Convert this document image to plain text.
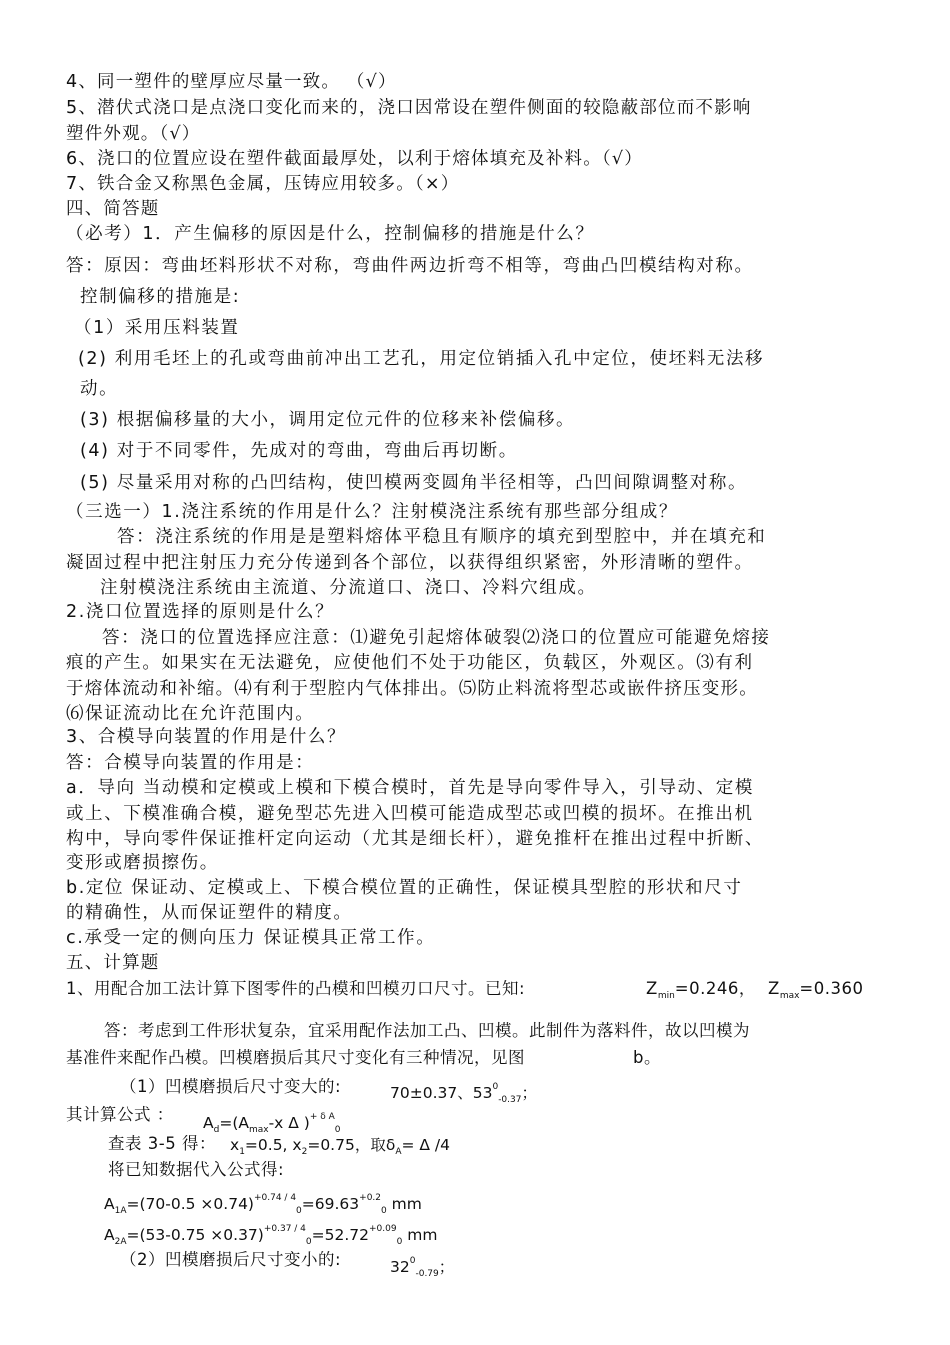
4、同一塑件的壁厚应尽量一致。 （√）
5、潜伏式浇口是点浇口变化而来的，浇口因常设在塑件侧面的较隐蔽部位而不影响
塑件外观。（√）
6、浇口的位置应设在塑件截面最厚处，以利于熔体填充及补料。（√）
7、铁合金又称黑色金属，压铸应用较多。（×）
四、简答题
（必考）1．产生偏移的原因是什么，控制偏移的措施是什么？
答：原因：弯曲坯料形状不对称，弯曲件两边折弯不相等，弯曲凸凹模结构对称。
控制偏移的措施是:
（1）采用压料装置
(2) 利用毛坯上的孔或弯曲前冲出工艺孔，用定位销插入孔中定位，使坯料无法移
动。
(3) 根据偏移量的大小，调用定位元件的位移来补偿偏移。
(4) 对于不同零件，先成对的弯曲，弯曲后再切断。
(5) 尽量采用对称的凸凹结构，使凹模两变圆角半径相等，凸凹间隙调整对称。
（三选一）1.浇注系统的作用是什么？注射模浇注系统有那些部分组成？
答：浇注系统的作用是是塑料熔体平稳且有顺序的填充到型腔中，并在填充和
凝固过程中把注射压力充分传递到各个部位，以获得组织紧密，外形清晰的塑件。
注射模浇注系统由主流道、分流道口、浇口、冷料穴组成。
2.浇口位置选择的原则是什么？
答：浇口的位置选择应注意：⑴避免引起熔体破裂⑵浇口的位置应可能避免熔接
痕的产生。如果实在无法避免，应使他们不处于功能区，负载区，外观区。⑶有利
于熔体流动和补缩。⑷有利于型腔内气体排出。⑸防止料流将型芯或嵌件挤压变形。
⑹保证流动比在允许范围内。
3、合模导向装置的作用是什么？
答：合模导向装置的作用是：
a．导向 当动模和定模或上模和下模合模时，首先是导向零件导入，引导动、定模
或上、下模准确合模，避免型芯先进入凹模可能造成型芯或凹模的损坏。在推出机
构中，导向零件保证推杆定向运动（尤其是细长杆），避免推杆在推出过程中折断、
变形或磨损擦伤。
b.定位 保证动、定模或上、下模合模位置的正确性，保证模具型腔的形状和尺寸
的精确性，从而保证塑件的精度。
c.承受一定的侧向压力 保证模具正常工作。
五、计算题
1、用配合加工法计算下图零件的凸模和凹模刃口尺寸。已知:	$Z_{min}=0.246$， $Z_{max}=0.360$
答：考虑到工件形状复杂，宜采用配作法加工凸、凹模。此制件为落料件，故以凹模为
基准件来配作凸模。凹模磨损后其尺寸变化有三种情况，见图	b。
（1）凹模磨损后尺寸变大的:	70±0.37、$53^0_{-0.37}$；
其计算公式 ： $A_d=(A_{max}-x$ Δ )$^{+ \delta A}_0$
查表 3-5 得： $x_1=0.5$, $x_2=0.75$，取$\delta_A= \Delta$ /4
将已知数据代入公式得:
$A_{1A}=(70-0.5 \times 0.74)^{+0.74 / 4}_0=69.63^{+0.2}_0$ mm
$A_{2A}=(53-0.75 \times 0.37)^{+0.37 / 4}_0=52.72^{+0.09}_0$ mm
（2）凹模磨损后尺寸变小的:	$32^0_{-0.79}$；
